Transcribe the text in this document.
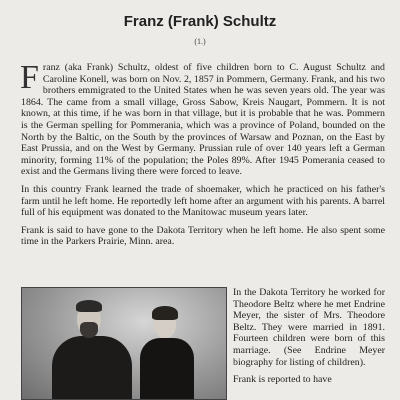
Franz (Frank) Schultz
(1.)

Franz (aka Frank) Schultz, oldest of five children born to C. August Schultz and Caroline Konell, was born on Nov. 2, 1857 in Pommern, Germany. Frank, and his two brothers emmigrated to the United States when he was seven years old. The year was 1864. The came from a small village, Gross Sabow, Kreis Naugart, Pommern. It is not known, at this time, if he was born in that village, but it is probable that he was. Pommern is the German spelling for Pommerania, which was a province of Poland, bounded on the North by the Baltic, on the South by the provinces of Warsaw and Poznan, on the East by East Prussia, and on the West by Germany. Prussian rule of over 140 years left a German minority, forming 11% of the population; the Poles 89%. After 1945 Pomerania ceased to exist and the Germans living there were forced to leave.

In this country Frank learned the trade of shoemaker, which he practiced on his father's farm until he left home. He reportedly left home after an argument with his parents. A barrel full of his equipment was donated to the Manitowac museum years later.

Frank is said to have gone to the Dakota Territory when he left home. He also spent some time in the Parkers Prairie, Minn. area.

In the Dakota Territory he worked for Theodore Beltz where he met Endrine Meyer, the sister of Mrs. Theodore Beltz. They were married in 1891. Fourteen children were born of this marriage. (See Endrine Meyer biography for listing of children).

Frank is reported to have
